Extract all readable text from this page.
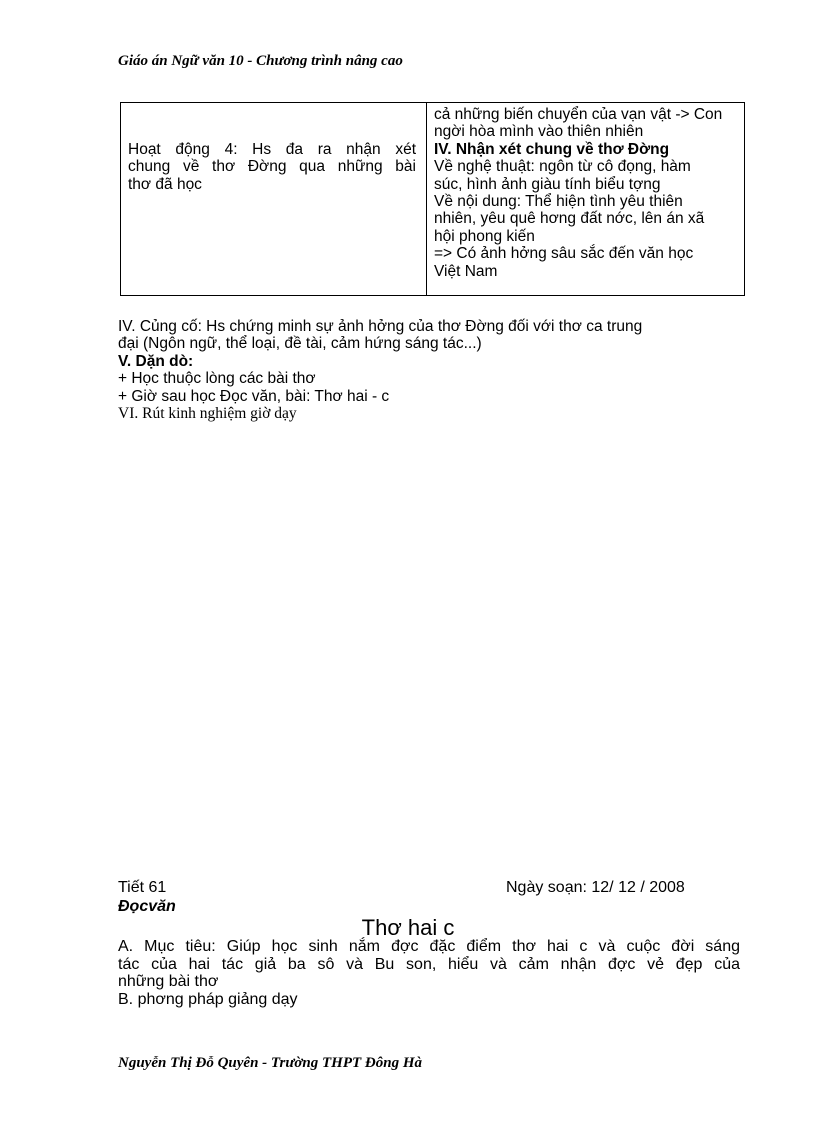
Giáo án Ngữ văn 10 - Chương trình nâng cao
Hoạt động 4: Hs đa ra nhận xét
chung về thơ Đờng qua những bài
thơ đã học

cả những biến chuyển của vạn vật -> Con
ngời hòa mình vào thiên nhiên
IV. Nhận xét chung về thơ Đờng
Về nghệ thuật: ngôn từ cô đọng, hàm
súc, hình ảnh giàu tính biểu tợng
Về nội dung: Thể hiện tình yêu thiên
nhiên, yêu quê hơng đất nớc, lên án xã
hội phong kiến
=> Có ảnh hởng sâu sắc đến văn học
Việt Nam
IV. Củng cố: Hs chứng minh sự ảnh hởng của thơ Đờng đối với thơ ca trung
đại (Ngôn ngữ, thể loại, đề tài, cảm hứng sáng tác...)
V. Dặn dò:
+ Học thuộc lòng các bài thơ
+ Giờ sau học Đọc văn, bài: Thơ hai - c
VI. Rút kinh nghiệm giờ dạy
Tiết 61	Ngày soạn: 12/ 12 / 2008
Đọcvăn
Thơ hai c
A. Mục tiêu: Giúp học sinh nắm đợc đặc điểm thơ hai c và cuộc đời sáng
tác của hai tác giả ba sô và Bu son, hiểu và cảm nhận đợc vẻ đẹp của
những bài thơ
B. phơng pháp giảng dạy
Nguyễn Thị Đỗ Quyên - Trường THPT Đông Hà
